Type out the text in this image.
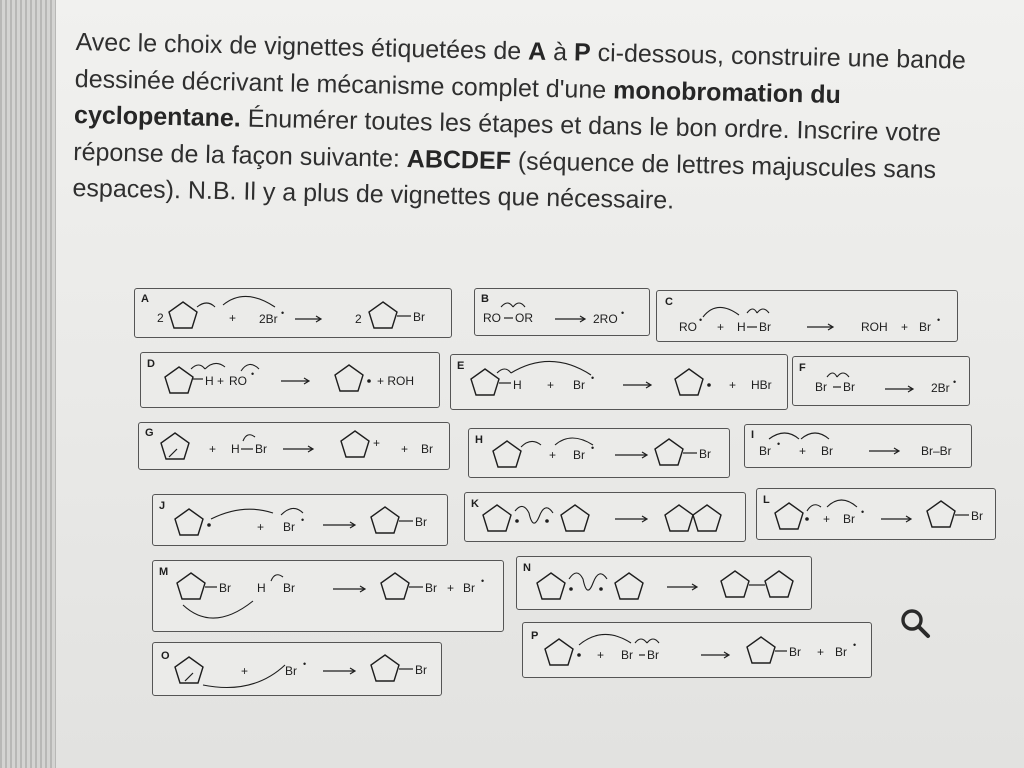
Avec le choix de vignettes étiquetées de A à P ci-dessous, construire une bande dessinée décrivant le mécanisme complet d'une monobromation du cyclopentane. Énumérer toutes les étapes et dans le bon ordre. Inscrire votre réponse de la façon suivante: ABCDEF (séquence de lettres majuscules sans espaces). N.B. Il y a plus de vignettes que nécessaire.

A
2	+ 2Br •	2	Br
B
RO OR	2RO •
C
RO • + H Br	ROH + Br •
D
H + RO •	+ ROH
E
H + Br •	+ HBr
F
Br Br	2Br •
G
+ H Br	+ + Br
H
+ Br •	Br
I
Br • + Br	Br–Br
J
+ Br •	Br
K	L
+ Br •	Br
M
Br H Br	Br + Br •
N
O
+	Br •	Br
P
+ Br Br	Br + Br •
